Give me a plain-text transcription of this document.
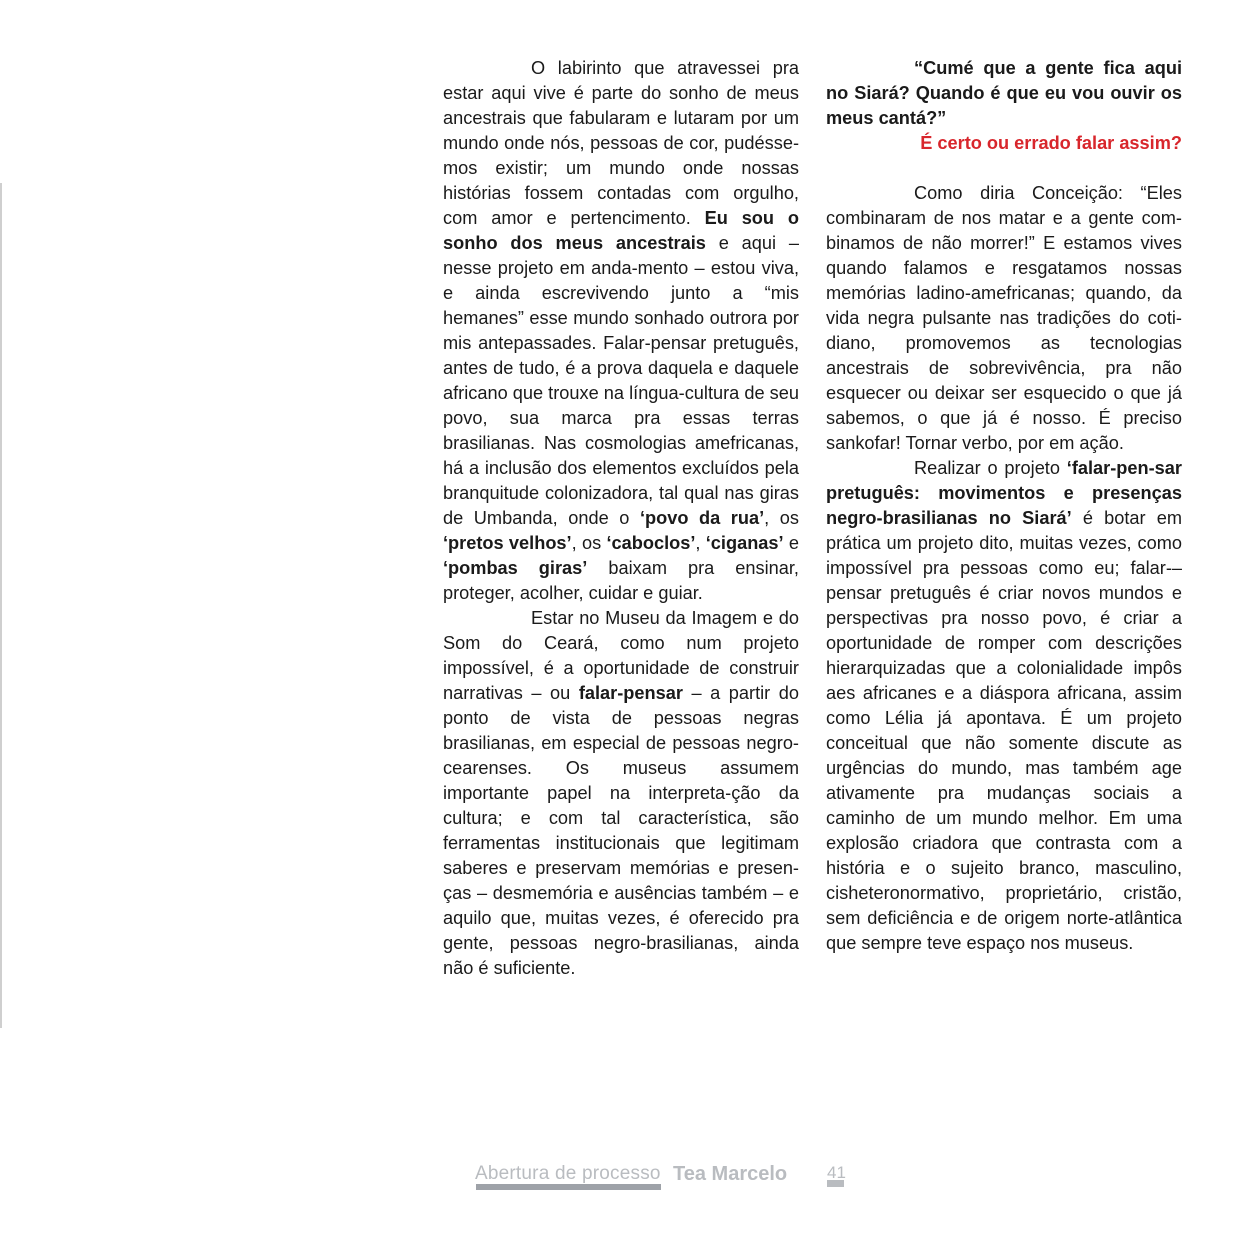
O labirinto que atravessei pra estar aqui vive é parte do sonho de meus ancestrais que fabularam e lutaram por um mundo onde nós, pessoas de cor, pudésse-mos existir; um mundo onde nossas histórias fossem contadas com orgulho, com amor e pertencimento. Eu sou o sonho dos meus ancestrais e aqui – nesse projeto em anda-mento – estou viva, e ainda escrevivendo junto a “mis hemanes” esse mundo sonhado outrora por mis antepassades. Falar-pensar pretuguês, antes de tudo, é a prova daquela e daquele africano que trouxe na língua-cultura de seu povo, sua marca pra essas terras brasilianas. Nas cosmologias amefricanas, há a inclusão dos elementos excluídos pela branquitude colonizadora, tal qual nas giras de Umbanda, onde o ‘povo da rua’, os ‘pretos velhos’, os ‘caboclos’, ‘ciganas’ e ‘pombas giras’ baixam pra ensinar, proteger, acolher, cuidar e guiar.

Estar no Museu da Imagem e do Som do Ceará, como num projeto impossível, é a oportunidade de construir narrativas – ou falar-pensar – a partir do ponto de vista de pessoas negras brasilianas, em especial de pessoas negro-cearenses. Os museus assumem importante papel na interpreta-ção da cultura; e com tal característica, são ferramentas institucionais que legitimam saberes e preservam memórias e presen-ças – desmemória e ausências também – e aquilo que, muitas vezes, é oferecido pra gente, pessoas negro-brasilianas, ainda não é suficiente.

“Cumé que a gente fica aqui no Siará? Quando é que eu vou ouvir os meus cantá?”

É certo ou errado falar assim?

Como diria Conceição: “Eles combinaram de nos matar e a gente com-binamos de não morrer!” E estamos vives quando falamos e resgatamos nossas memórias ladino-amefricanas; quando, da vida negra pulsante nas tradições do coti-diano, promovemos as tecnologias ancestrais de sobrevivência, pra não esquecer ou deixar ser esquecido o que já sabemos, o que já é nosso. É preciso sankofar! Tornar verbo, por em ação.

Realizar o projeto ‘falar-pen-sar pretuguês: movimentos e presenças negro-brasilianas no Siará’ é botar em prática um projeto dito, muitas vezes, como impossível pra pessoas como eu; falar-–pensar pretuguês é criar novos mundos e perspectivas pra nosso povo, é criar a oportunidade de romper com descrições hierarquizadas que a colonialidade impôs aes africanes e a diáspora africana, assim como Lélia já apontava. É um projeto conceitual que não somente discute as urgências do mundo, mas também age ativamente pra mudanças sociais a caminho de um mundo melhor. Em uma explosão criadora que contrasta com a história e o sujeito branco, masculino, cisheteronormativo, proprietário, cristão, sem deficiência e de origem norte-atlântica que sempre teve espaço nos museus.

Abertura de processo Tea Marcelo 41
